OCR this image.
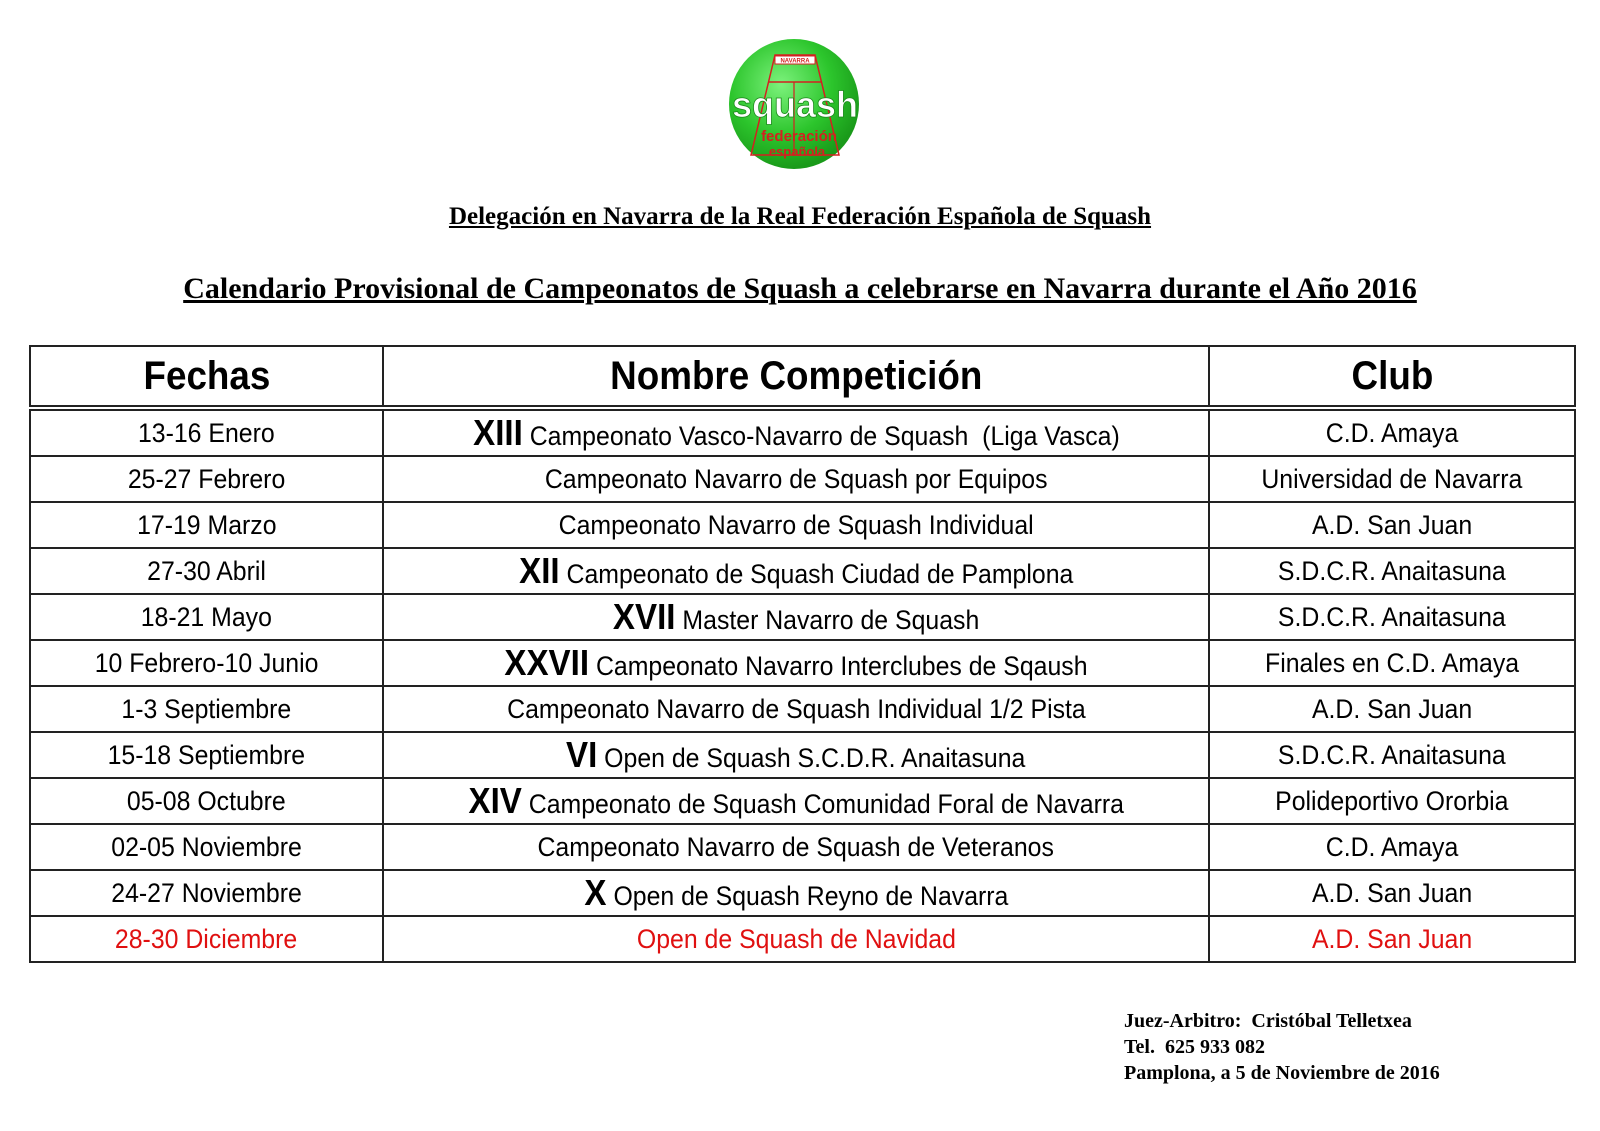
NAVARRA
squash
federación
española
Delegación en Navarra de la Real Federación Española de Squash
Calendario Provisional de Campeonatos de Squash a celebrarse en Navarra durante el Año 2016
Fechas	Nombre Competición	Club
13-16 Enero	XIII Campeonato Vasco-Navarro de Squash  (Liga Vasca)	C.D. Amaya
25-27 Febrero	Campeonato Navarro de Squash por Equipos	Universidad de Navarra
17-19 Marzo	Campeonato Navarro de Squash Individual	A.D. San Juan
27-30 Abril	XII Campeonato de Squash Ciudad de Pamplona	S.D.C.R. Anaitasuna
18-21 Mayo	XVII Master Navarro de Squash	S.D.C.R. Anaitasuna
10 Febrero-10 Junio	XXVII Campeonato Navarro Interclubes de Sqaush	Finales en C.D. Amaya
1-3 Septiembre	Campeonato Navarro de Squash Individual 1/2 Pista	A.D. San Juan
15-18 Septiembre	VI Open de Squash S.C.D.R. Anaitasuna	S.D.C.R. Anaitasuna
05-08 Octubre	XIV Campeonato de Squash Comunidad Foral de Navarra	Polideportivo Ororbia
02-05 Noviembre	Campeonato Navarro de Squash de Veteranos	C.D. Amaya
24-27 Noviembre	X Open de Squash Reyno de Navarra	A.D. San Juan
28-30 Diciembre	Open de Squash de Navidad	A.D. San Juan
Juez-Arbitro:  Cristóbal Telletxea
Tel.  625 933 082
Pamplona, a 5 de Noviembre de 2016
